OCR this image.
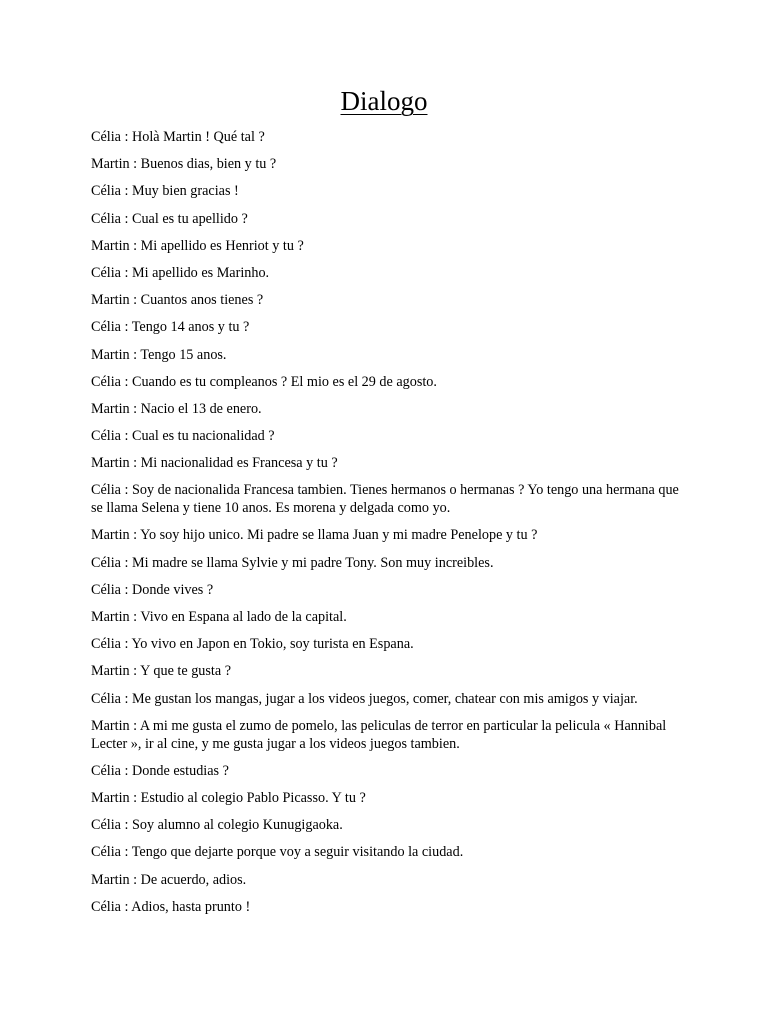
Dialogo
Célia : Holà Martin ! Qué tal ?
Martin : Buenos dias, bien y tu ?
Célia : Muy bien gracias !
Célia : Cual es tu apellido ?
Martin : Mi apellido es Henriot y tu ?
Célia : Mi apellido es Marinho.
Martin : Cuantos anos tienes ?
Célia : Tengo 14 anos y tu ?
Martin : Tengo 15 anos.
Célia : Cuando es tu compleanos ? El mio es el 29 de agosto.
Martin : Nacio el 13 de enero.
Célia : Cual es tu nacionalidad ?
Martin : Mi nacionalidad es Francesa y tu ?
Célia : Soy de nacionalida Francesa tambien. Tienes hermanos o hermanas ? Yo tengo una hermana que se llama Selena y tiene 10 anos. Es morena y delgada como yo.
Martin : Yo soy hijo unico. Mi padre se llama Juan y mi madre Penelope y tu ?
Célia : Mi madre se llama Sylvie y mi padre Tony. Son muy increibles.
Célia : Donde vives ?
Martin : Vivo en Espana al lado de la capital.
Célia : Yo vivo en Japon en Tokio, soy turista en Espana.
Martin : Y que te gusta ?
Célia : Me gustan los mangas, jugar a los videos juegos, comer, chatear con mis amigos y viajar.
Martin : A mi me gusta el zumo de pomelo, las peliculas de terror en particular la pelicula « Hannibal Lecter », ir al cine, y me gusta jugar a los videos juegos tambien.
Célia : Donde estudias ?
Martin : Estudio al colegio Pablo Picasso. Y tu ?
Célia : Soy alumno al colegio Kunugigaoka.
Célia : Tengo que dejarte porque voy a seguir visitando la ciudad.
Martin : De acuerdo, adios.
Célia : Adios, hasta prunto !
